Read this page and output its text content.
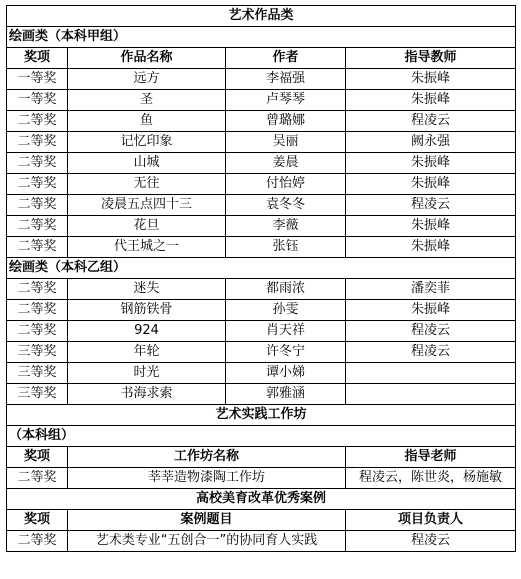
艺术作品类			
绘画类（本科甲组）			
奖项	作品名称	作者	指导教师
一等奖	远方	李福强	朱振峰
一等奖	圣	卢琴琴	朱振峰
二等奖	鱼	曾璐娜	程凌云
二等奖	记忆印象	吴丽	阙永强
二等奖	山城	姜晨	朱振峰
二等奖	无往	付怡婷	朱振峰
二等奖	凌晨五点四十三	袁冬冬	程凌云
二等奖	花旦	李薇	朱振峰
二等奖	代王城之一	张钰	朱振峰
绘画类（本科乙组）			
二等奖	迷失	都雨浓	潘奕菲
二等奖	钢筋铁骨	孙雯	朱振峰
二等奖	924	肖天祥	程凌云
三等奖	年轮	许冬宁	程凌云
三等奖	时光	谭小娣	
三等奖	书海求索	郭雅涵	
艺术实践工作坊			
（本科组）			
奖项	工作坊名称		指导老师
二等奖	莘莘造物漆陶工作坊		程凌云，陈世炎，杨施敏
高校美育改革优秀案例			
奖项	案例题目		项目负责人
二等奖	艺术类专业“五创合一”的协同育人实践		程凌云
